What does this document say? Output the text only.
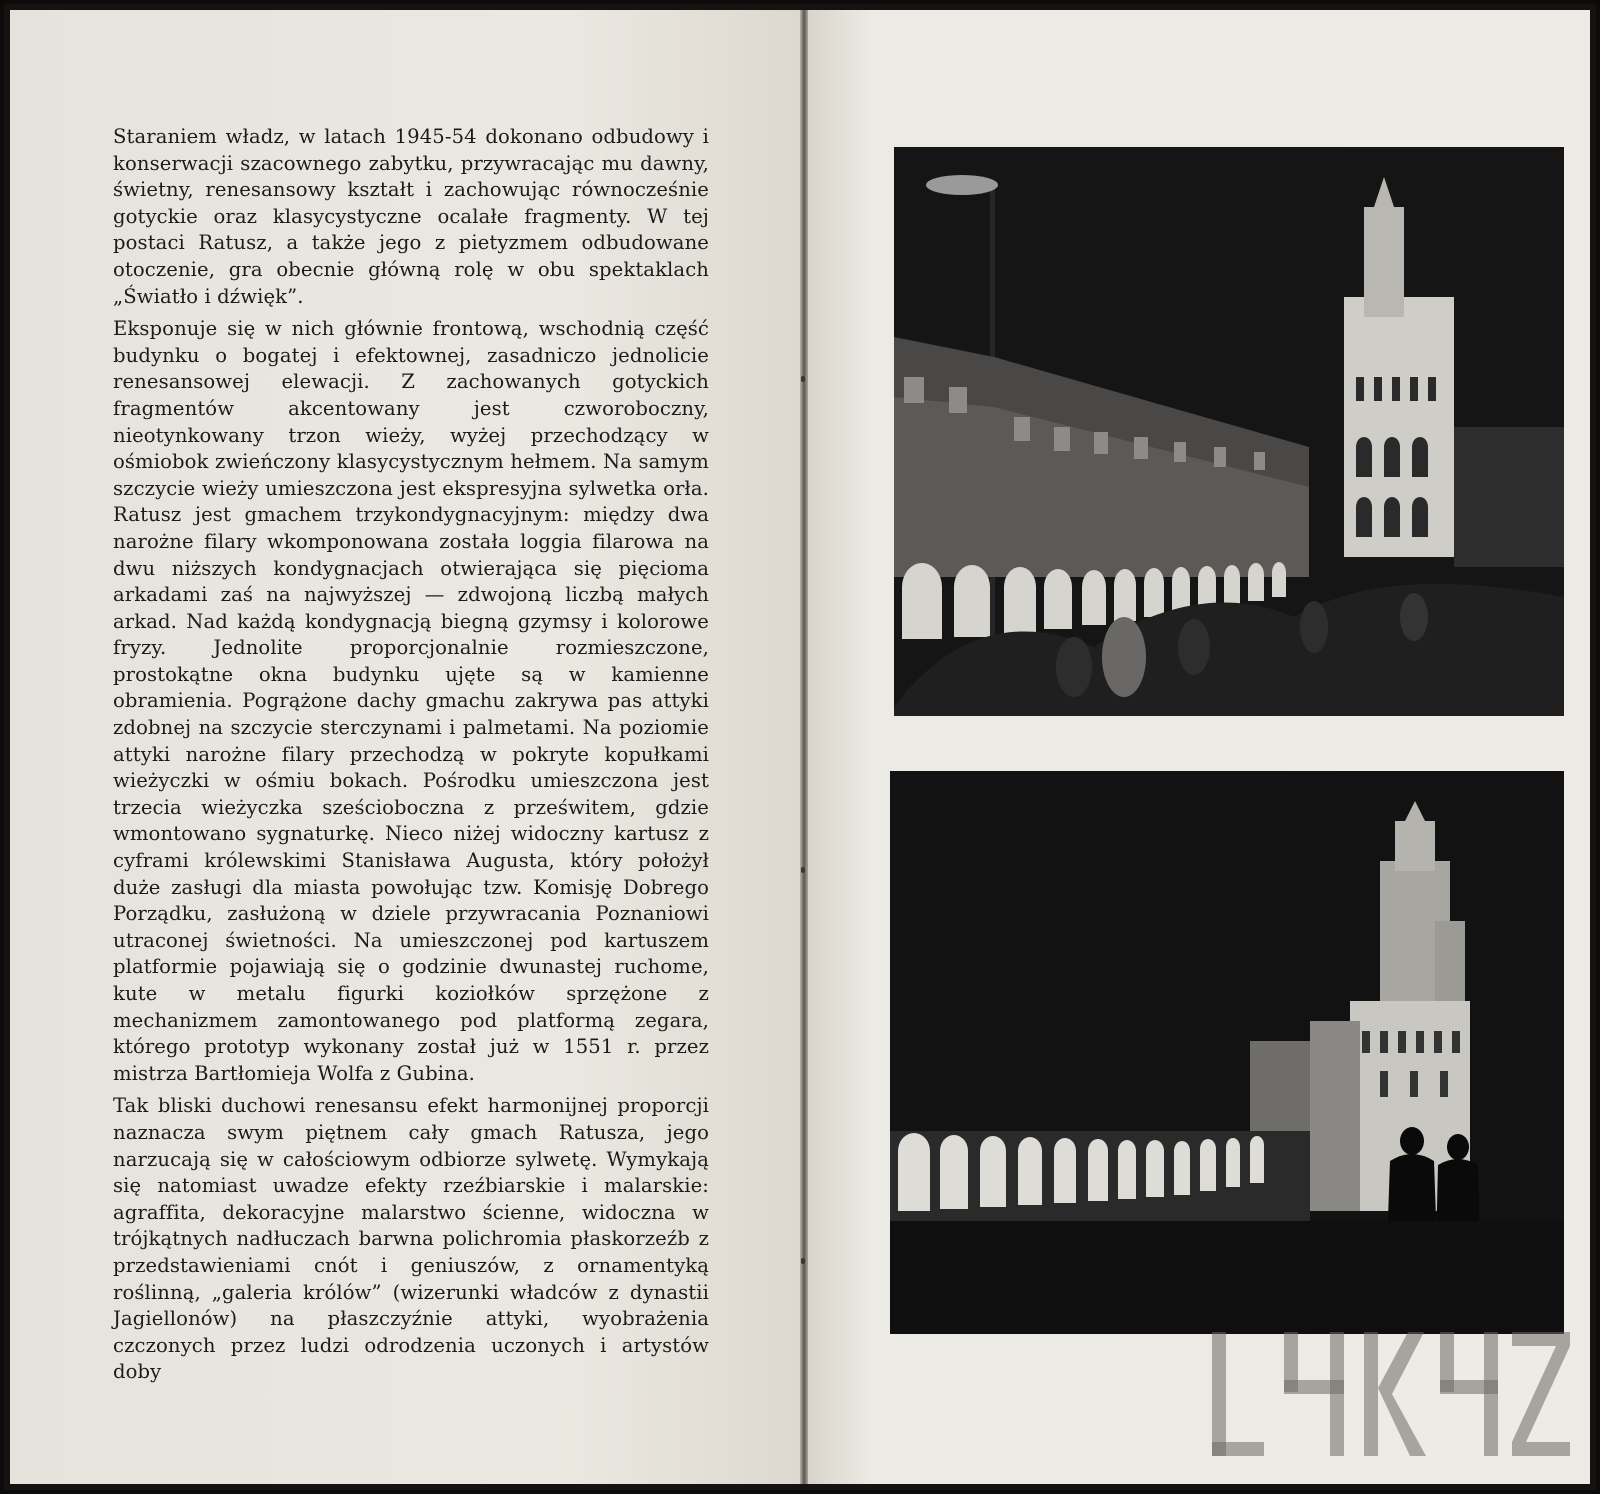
Staraniem władz, w latach 1945-54 dokonano odbudowy i konserwacji szacownego zabytku, przywracając mu dawny, świetny, renesansowy kształt i zachowując równocześnie gotyckie oraz klasycystyczne ocalałe fragmenty. W tej postaci Ratusz, a także jego z pietyzmem odbudowane otoczenie, gra obecnie główną rolę w obu spektaklach „Światło i dźwięk”.

Eksponuje się w nich głównie frontową, wschodnią część budynku o bogatej i efektownej, zasadniczo jednolicie renesansowej elewacji. Z zachowanych gotyckich fragmentów akcentowany jest czworoboczny, nieotynkowany trzon wieży, wyżej przechodzący w ośmiobok zwieńczony klasycystycznym hełmem. Na samym szczycie wieży umieszczona jest ekspresyjna sylwetka orła. Ratusz jest gmachem trzykondygnacyjnym: między dwa narożne filary wkomponowana została loggia filarowa na dwu niższych kondygnacjach otwierająca się pięcioma arkadami zaś na najwyższej — zdwojoną liczbą małych arkad. Nad każdą kondygnacją biegną gzymsy i kolorowe fryzy. Jednolite proporcjonalnie rozmieszczone, prostokątne okna budynku ujęte są w kamienne obramienia. Pogrążone dachy gmachu zakrywa pas attyki zdobnej na szczycie sterczynami i palmetami. Na poziomie attyki narożne filary przechodzą w pokryte kopułkami wieżyczki w ośmiu bokach. Pośrodku umieszczona jest trzecia wieżyczka sześcioboczna z prześwitem, gdzie wmontowano sygnaturkę. Nieco niżej widoczny kartusz z cyframi królewskimi Stanisława Augusta, który położył duże zasługi dla miasta powołując tzw. Komisję Dobrego Porządku, zasłużoną w dziele przywracania Poznaniowi utraconej świetności. Na umieszczonej pod kartuszem platformie pojawiają się o godzinie dwunastej ruchome, kute w metalu figurki koziołków sprzężone z mechanizmem zamontowanego pod platformą zegara, którego prototyp wykonany został już w 1551 r. przez mistrza Bartłomieja Wolfa z Gubina.

Tak bliski duchowi renesansu efekt harmonijnej proporcji naznacza swym piętnem cały gmach Ratusza, jego narzucają się w całościowym odbiorze sylwetę. Wymykają się natomiast uwadze efekty rzeźbiarskie i malarskie: agraffita, dekoracyjne malarstwo ścienne, widoczna w trójkątnych nadłuczach barwna polichromia płaskorzeźb z przedstawieniami cnót i geniuszów, z ornamentyką roślinną, „galeria królów” (wizerunki władców z dynastii Jagiellonów) na płaszczyźnie attyki, wyobrażenia czczonych przez ludzi odrodzenia uczonych i artystów doby
